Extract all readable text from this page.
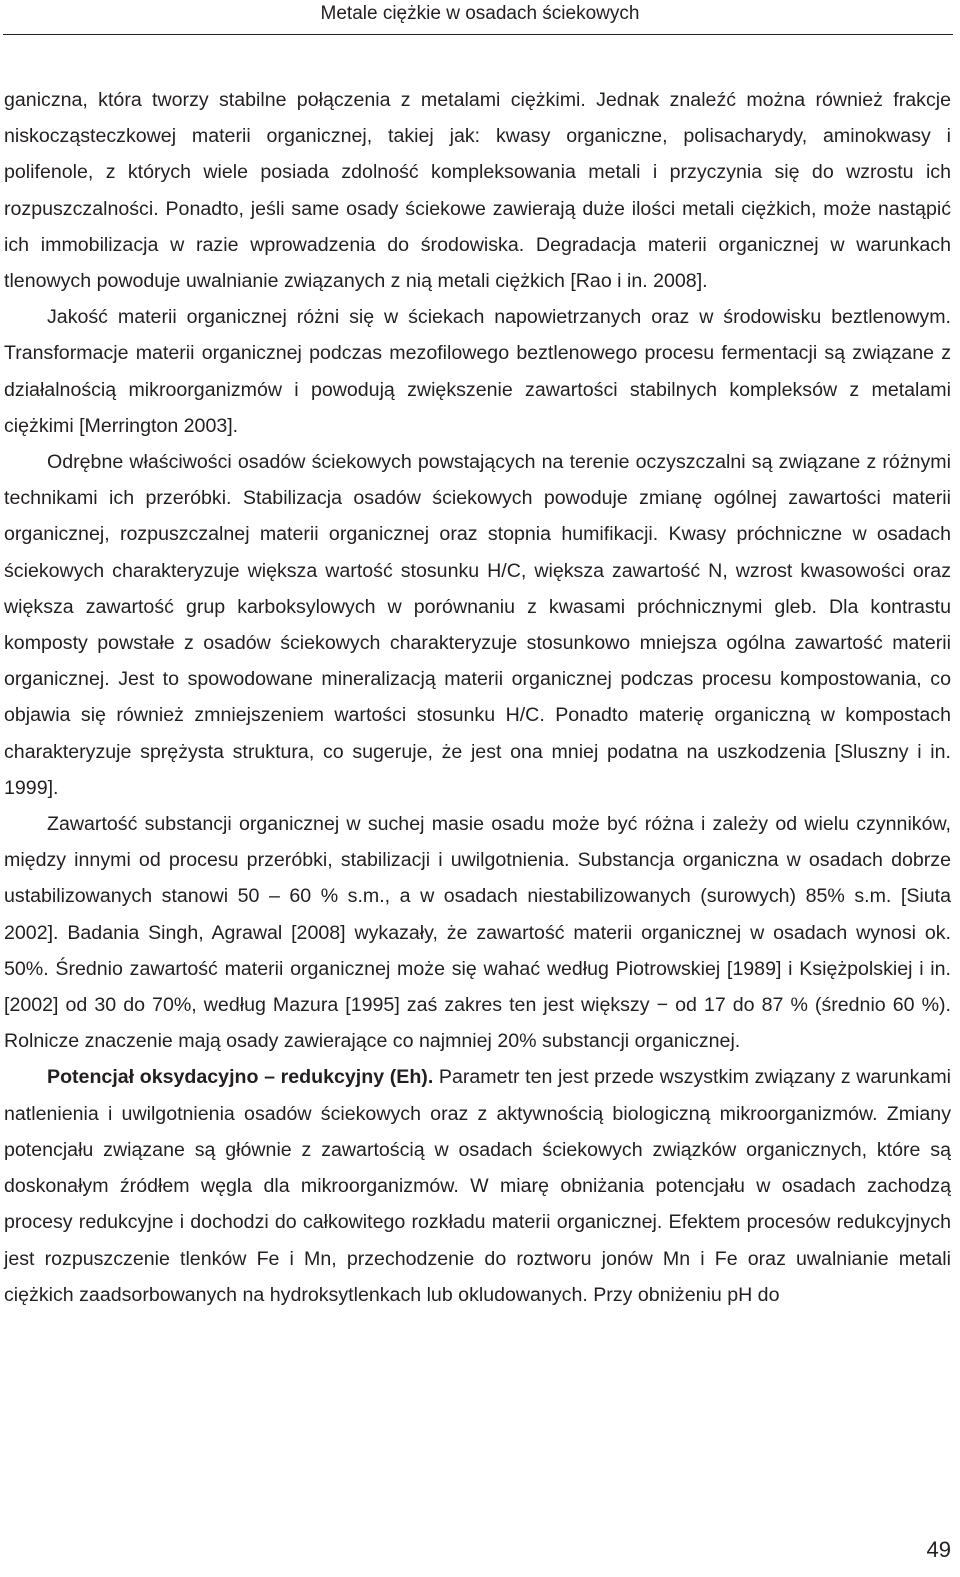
Metale ciężkie w osadach ściekowych

ganiczna, która tworzy stabilne połączenia z metalami ciężkimi. Jednak znaleźć można również frakcje niskocząsteczkowej materii organicznej, takiej jak: kwasy organiczne, polisacharydy, aminokwasy i polifenole, z których wiele posiada zdolność kompleksowania metali i przyczynia się do wzrostu ich rozpuszczalności. Ponadto, jeśli same osady ściekowe zawierają duże ilości metali ciężkich, może nastąpić ich immobilizacja w razie wprowadzenia do środowiska. Degradacja materii organicznej w warunkach tlenowych powoduje uwalnianie związanych z nią metali ciężkich [Rao i in. 2008].

Jakość materii organicznej różni się w ściekach napowietrzanych oraz w środowisku beztlenowym. Transformacje materii organicznej podczas mezofilowego beztlenowego procesu fermentacji są związane z działalnością mikroorganizmów i powodują zwiększenie zawartości stabilnych kompleksów z metalami ciężkimi [Merrington 2003].

Odrębne właściwości osadów ściekowych powstających na terenie oczyszczalni są związane z różnymi technikami ich przeróbki. Stabilizacja osadów ściekowych powoduje zmianę ogólnej zawartości materii organicznej, rozpuszczalnej materii organicznej oraz stopnia humifikacji. Kwasy próchniczne w osadach ściekowych charakteryzuje większa wartość stosunku H/C, większa zawartość N, wzrost kwasowości oraz większa zawartość grup karboksylowych w porównaniu z kwasami próchnicznymi gleb. Dla kontrastu komposty powstałe z osadów ściekowych charakteryzuje stosunkowo mniejsza ogólna zawartość materii organicznej. Jest to spowodowane mineralizacją materii organicznej podczas procesu kompostowania, co objawia się również zmniejszeniem wartości stosunku H/C. Ponadto materię organiczną w kompostach charakteryzuje sprężysta struktura, co sugeruje, że jest ona mniej podatna na uszkodzenia [Sluszny i in. 1999].

Zawartość substancji organicznej w suchej masie osadu może być różna i zależy od wielu czynników, między innymi od procesu przeróbki, stabilizacji i uwilgotnienia. Substancja organiczna w osadach dobrze ustabilizowanych stanowi 50 – 60 % s.m., a w osadach niestabilizowanych (surowych) 85% s.m. [Siuta 2002]. Badania Singh, Agrawal [2008] wykazały, że zawartość materii organicznej w osadach wynosi ok. 50%. Średnio zawartość materii organicznej może się wahać według Piotrowskiej [1989] i Księżpolskiej i in. [2002] od 30 do 70%, według Mazura [1995] zaś zakres ten jest większy − od 17 do 87 % (średnio 60 %). Rolnicze znaczenie mają osady zawierające co najmniej 20% substancji organicznej.

Potencjał oksydacyjno – redukcyjny (Eh). Parametr ten jest przede wszystkim związany z warunkami natlenienia i uwilgotnienia osadów ściekowych oraz z aktywnością biologiczną mikroorganizmów. Zmiany potencjału związane są głównie z zawartością w osadach ściekowych związków organicznych, które są doskonałym źródłem węgla dla mikroorganizmów. W miarę obniżania potencjału w osadach zachodzą procesy redukcyjne i dochodzi do całkowitego rozkładu materii organicznej. Efektem procesów redukcyjnych jest rozpuszczenie tlenków Fe i Mn, przechodzenie do roztworu jonów Mn i Fe oraz uwalnianie metali ciężkich zaadsorbowanych na hydroksytlenkach lub okludowanych. Przy obniżeniu pH do

49
